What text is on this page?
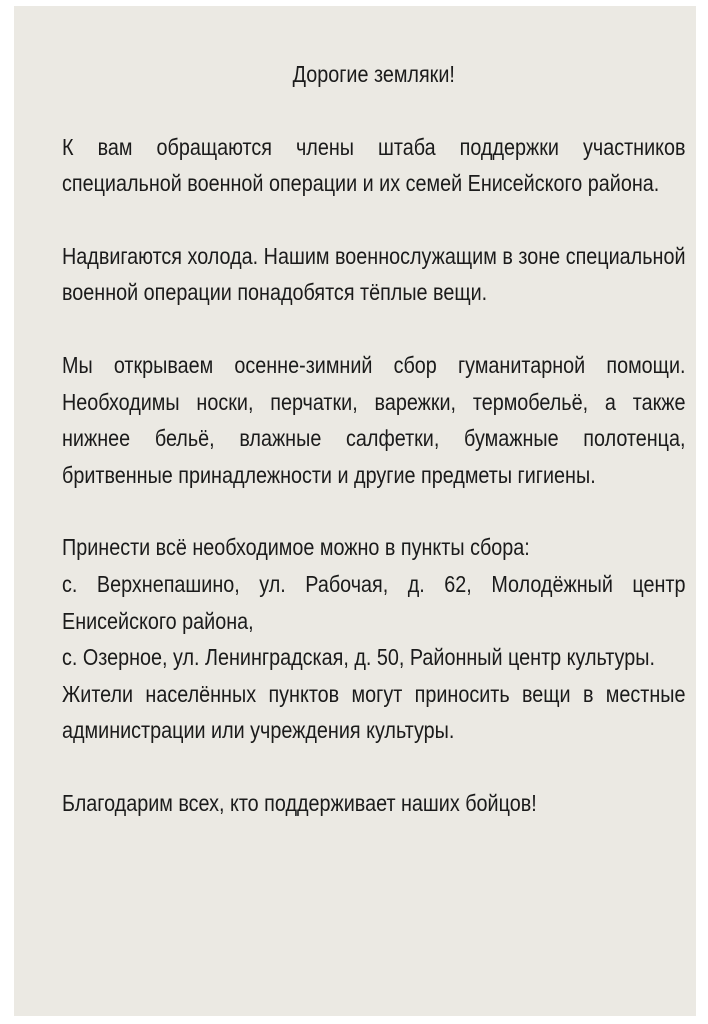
Дорогие земляки!
К вам обращаются члены штаба поддержки участников специальной военной операции и их семей Енисейского района.
Надвигаются холода. Нашим военнослужащим в зоне специальной военной операции понадобятся тёплые вещи.
Мы открываем осенне-зимний сбор гуманитарной помощи. Необходимы носки, перчатки, варежки, термобельё, а также нижнее бельё, влажные салфетки, бумажные полотенца, бритвенные принадлежности и другие предметы гигиены.
Принести всё необходимое можно в пункты сбора:
с. Верхнепашино, ул. Рабочая, д. 62, Молодёжный центр Енисейского района,
с. Озерное, ул. Ленинградская, д. 50, Районный центр культуры.
Жители населённых пунктов могут приносить вещи в местные администрации или учреждения культуры.
Благодарим всех, кто поддерживает наших бойцов!
